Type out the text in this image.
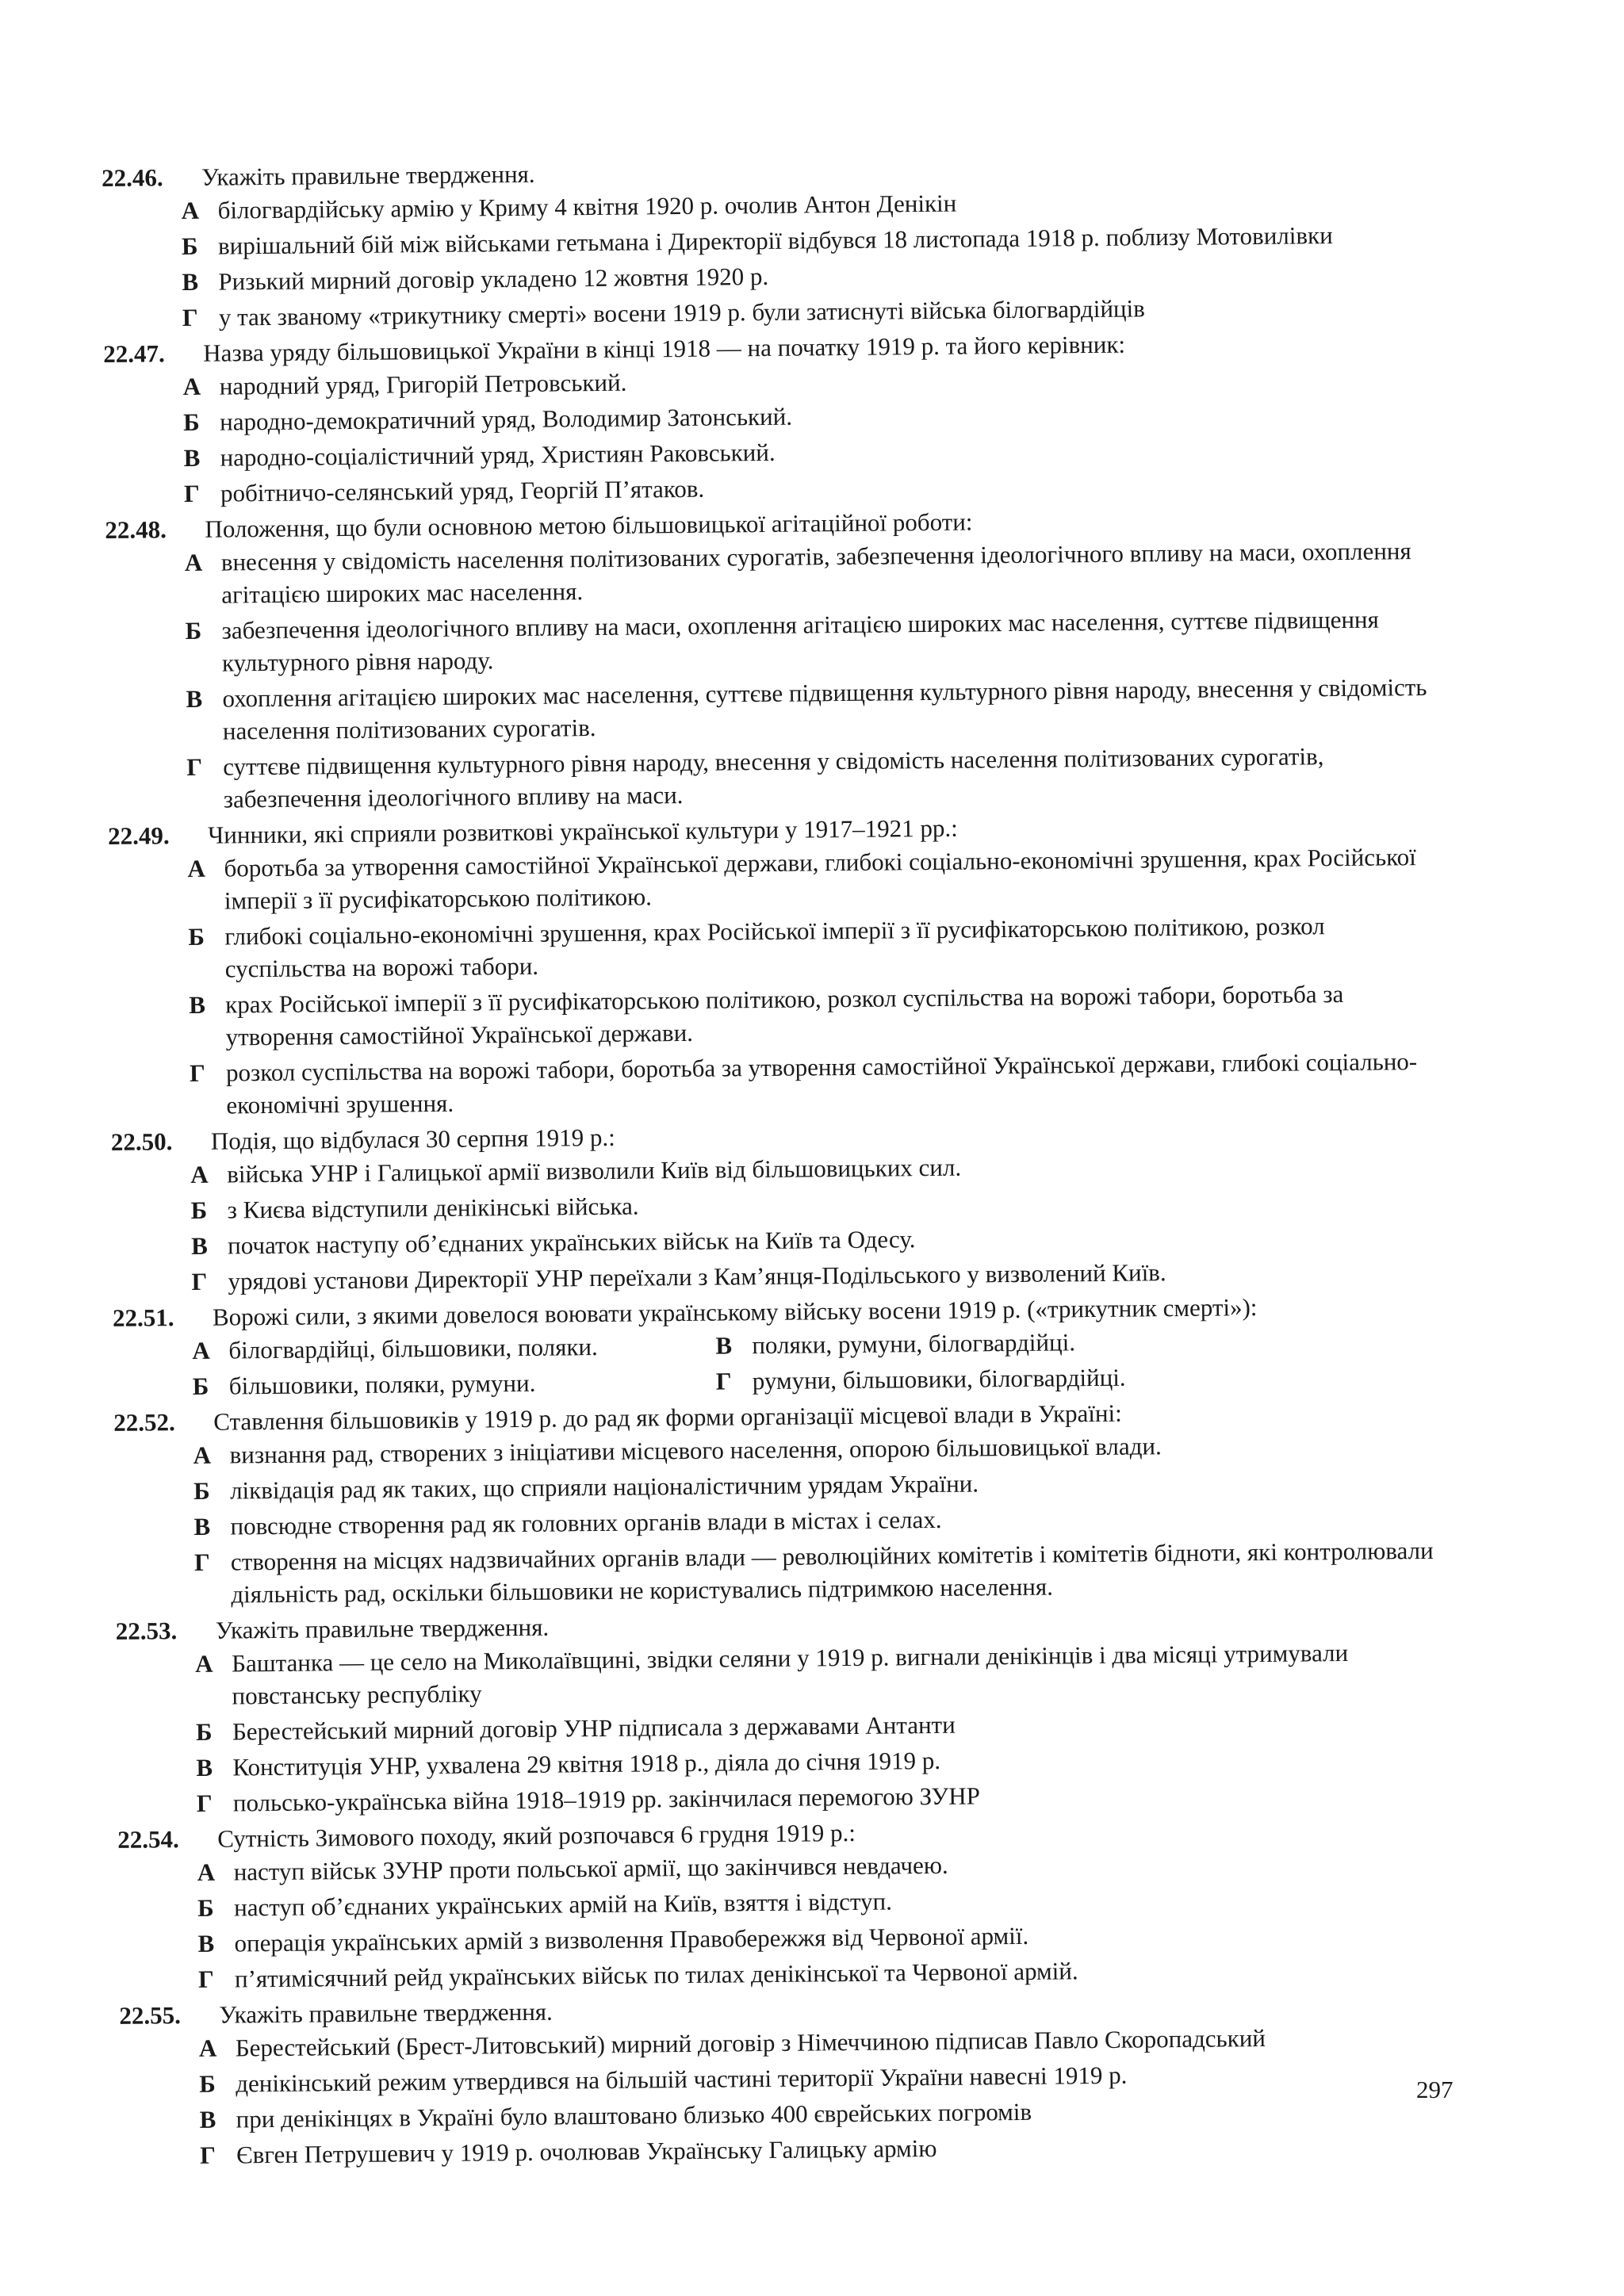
22.46.	Укажіть правильне твердження.
А білогвардійську армію у Криму 4 квітня 1920 р. очолив Антон Денікін
Б вирішальний бій між військами гетьмана і Директорії відбувся 18 листопада 1918 р. поблизу Мотовилівки
В Ризький мирний договір укладено 12 жовтня 1920 р.
Г у так званому «трикутнику смерті» восени 1919 р. були затиснуті війська білогвардійців
22.47.	Назва уряду більшовицької України в кінці 1918 — на початку 1919 р. та його керівник:
А народний уряд, Григорій Петровський.
Б народно-демократичний уряд, Володимир Затонський.
В народно-соціалістичний уряд, Християн Раковський.
Г робітничо-селянський уряд, Георгій П’ятаков.
22.48.	Положення, що були основною метою більшовицької агітаційної роботи:
А внесення у свідомість населення політизованих сурогатів, забезпечення ідеологічного впливу на маси, охоплення агітацією широких мас населення.
Б забезпечення ідеологічного впливу на маси, охоплення агітацією широких мас населення, суттєве підвищення культурного рівня народу.
В охоплення агітацією широких мас населення, суттєве підвищення культурного рівня народу, внесення у свідомість населення політизованих сурогатів.
Г суттєве підвищення культурного рівня народу, внесення у свідомість населення політизованих сурогатів, забезпечення ідеологічного впливу на маси.
22.49.	Чинники, які сприяли розвиткові української культури у 1917–1921 рр.:
А боротьба за утворення самостійної Української держави, глибокі соціально-економічні зрушення, крах Російської імперії з її русифікаторською політикою.
Б глибокі соціально-економічні зрушення, крах Російської імперії з її русифікаторською політикою, розкол суспільства на ворожі табори.
В крах Російської імперії з її русифікаторською політикою, розкол суспільства на ворожі табори, боротьба за утворення самостійної Української держави.
Г розкол суспільства на ворожі табори, боротьба за утворення самостійної Української держави, глибокі соціально-економічні зрушення.
22.50.	Подія, що відбулася 30 серпня 1919 р.:
А війська УНР і Галицької армії визволили Київ від більшовицьких сил.
Б з Києва відступили денікінські війська.
В початок наступу об’єднаних українських військ на Київ та Одесу.
Г урядові установи Директорії УНР переїхали з Кам’янця-Подільського у визволений Київ.
22.51.	Ворожі сили, з якими довелося воювати українському війську восени 1919 р. («трикутник смерті»):
А білогвардійці, більшовики, поляки.	В поляки, румуни, білогвардійці.
Б більшовики, поляки, румуни.	Г румуни, більшовики, білогвардійці.
22.52.	Ставлення більшовиків у 1919 р. до рад як форми організації місцевої влади в Україні:
А визнання рад, створених з ініціативи місцевого населення, опорою більшовицької влади.
Б ліквідація рад як таких, що сприяли націоналістичним урядам України.
В повсюдне створення рад як головних органів влади в містах і селах.
Г створення на місцях надзвичайних органів влади — революційних комітетів і комітетів бідноти, які контролювали діяльність рад, оскільки більшовики не користувались підтримкою населення.
22.53.	Укажіть правильне твердження.
А Баштанка — це село на Миколаївщині, звідки селяни у 1919 р. вигнали денікінців і два місяці утримували повстанську республіку
Б Берестейський мирний договір УНР підписала з державами Антанти
В Конституція УНР, ухвалена 29 квітня 1918 р., діяла до січня 1919 р.
Г польсько-українська війна 1918–1919 рр. закінчилася перемогою ЗУНР
22.54.	Сутність Зимового походу, який розпочався 6 грудня 1919 р.:
А наступ військ ЗУНР проти польської армії, що закінчився невдачею.
Б наступ об’єднаних українських армій на Київ, взяття і відступ.
В операція українських армій з визволення Правобережжя від Червоної армії.
Г п’ятимісячний рейд українських військ по тилах денікінської та Червоної армій.
22.55.	Укажіть правильне твердження.
А Берестейський (Брест-Литовський) мирний договір з Німеччиною підписав Павло Скоропадський
Б денікінський режим утвердився на більшій частині території України навесні 1919 р.
В при денікінцях в Україні було влаштовано близько 400 єврейських погромів
Г Євген Петрушевич у 1919 р. очолював Українську Галицьку армію
297
